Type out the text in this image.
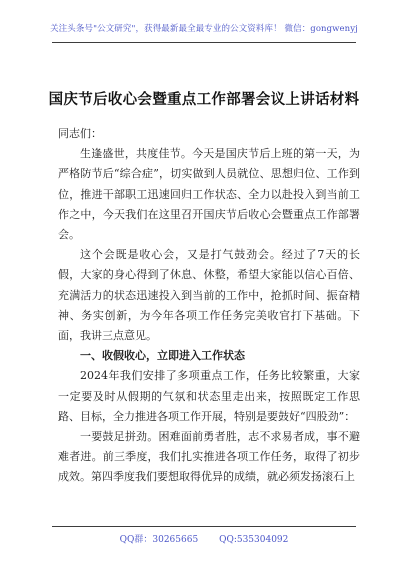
关注头条号"公文研究"，获得最新最全最专业的公文资料库！ 微信：gongwenyj
国庆节后收心会暨重点工作部署会议上讲话材料

同志们：

生逢盛世，共度佳节。今天是国庆节后上班的第一天，为严格防节后“综合症”，切实做到人员就位、思想归位、工作到位，推进干部职工迅速回归工作状态、全力以赴投入到当前工作之中，今天我们在这里召开国庆节后收心会暨重点工作部署会。

这个会既是收心会，又是打气鼓劲会。经过了7天的长假，大家的身心得到了休息、休整，希望大家能以信心百倍、充满活力的状态迅速投入到当前的工作中，抢抓时间、振奋精神、务实创新，为今年各项工作任务完美收官打下基础。下面，我讲三点意见。

一、收假收心，立即进入工作状态

2024年我们安排了多项重点工作，任务比较繁重，大家一定要及时从假期的气氛和状态里走出来，按照既定工作思路、目标，全力推进各项工作开展，特别是要鼓好“四股劲”：

一要鼓足拼劲。困难面前勇者胜，志不求易者成，事不避难者进。前三季度，我们扎实推进各项工作任务，取得了初步成效。第四季度我们要想取得优异的成绩，就必须发扬滚石上

QQ群：30265665 QQ:535304092
